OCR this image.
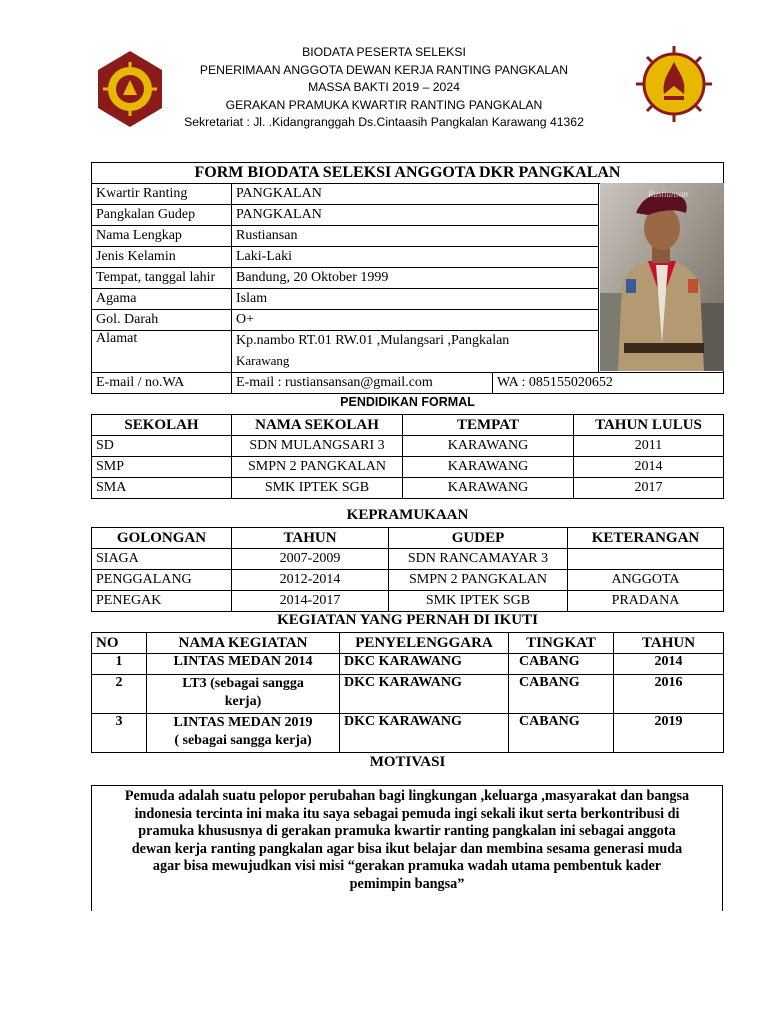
BIODATA PESERTA SELEKSI
PENERIMAAN ANGGOTA DEWAN KERJA RANTING PANGKALAN
MASSA BAKTI 2019 – 2024
GERAKAN PRAMUKA KWARTIR RANTING PANGKALAN
Sekretariat : Jl. .Kidangranggah Ds.Cintaasih Pangkalan Karawang 41362
FORM BIODATA SELEKSI ANGGOTA DKR PANGKALAN			
Kwartir Ranting	PANGKALAN		
Pangkalan Gudep	PANGKALAN		
Nama Lengkap	Rustiansan		
Jenis Kelamin	Laki-Laki		
Tempat, tanggal lahir	Bandung, 20 Oktober 1999		
Agama	Islam		
Gol. Darah	O+		
Alamat	Kp.nambo RT.01 RW.01 ,Mulangsari ,Pangkalan
Karawang		

E-mail / no.WA	E-mail : rustiansansan@gmail.com	WA : 085155020652	
Rustiansan
PENDIDIKAN FORMAL
SEKOLAH	NAMA SEKOLAH	TEMPAT	TAHUN LULUS
SD	SDN MULANGSARI 3	KARAWANG	2011
SMP	SMPN 2 PANGKALAN	KARAWANG	2014
SMA	SMK IPTEK SGB	KARAWANG	2017
KEPRAMUKAAN
GOLONGAN	TAHUN	GUDEP	KETERANGAN
SIAGA	2007-2009	SDN RANCAMAYAR 3	
PENGGALANG	2012-2014	SMPN 2 PANGKALAN	ANGGOTA
PENEGAK	2014-2017	SMK IPTEK SGB	PRADANA
KEGIATAN YANG PERNAH DI IKUTI
NO	NAMA KEGIATAN	PENYELENGGARA	TINGKAT	TAHUN
1	LINTAS MEDAN 2014	DKC KARAWANG	CABANG	2014
2	LT3 (sebagai sangga
kerja)	DKC KARAWANG	CABANG	2016
3	LINTAS MEDAN 2019
( sebagai sangga kerja)	DKC KARAWANG	CABANG	2019
MOTIVASI
Pemuda adalah suatu pelopor perubahan bagi lingkungan ,keluarga ,masyarakat dan bangsa
indonesia tercinta ini maka itu saya sebagai pemuda ingi sekali ikut serta berkontribusi di
pramuka khususnya di gerakan pramuka kwartir ranting pangkalan ini sebagai anggota
dewan kerja ranting pangkalan agar bisa ikut belajar dan membina sesama generasi muda
agar bisa mewujudkan visi misi “gerakan pramuka wadah utama pembentuk kader
pemimpin bangsa”
